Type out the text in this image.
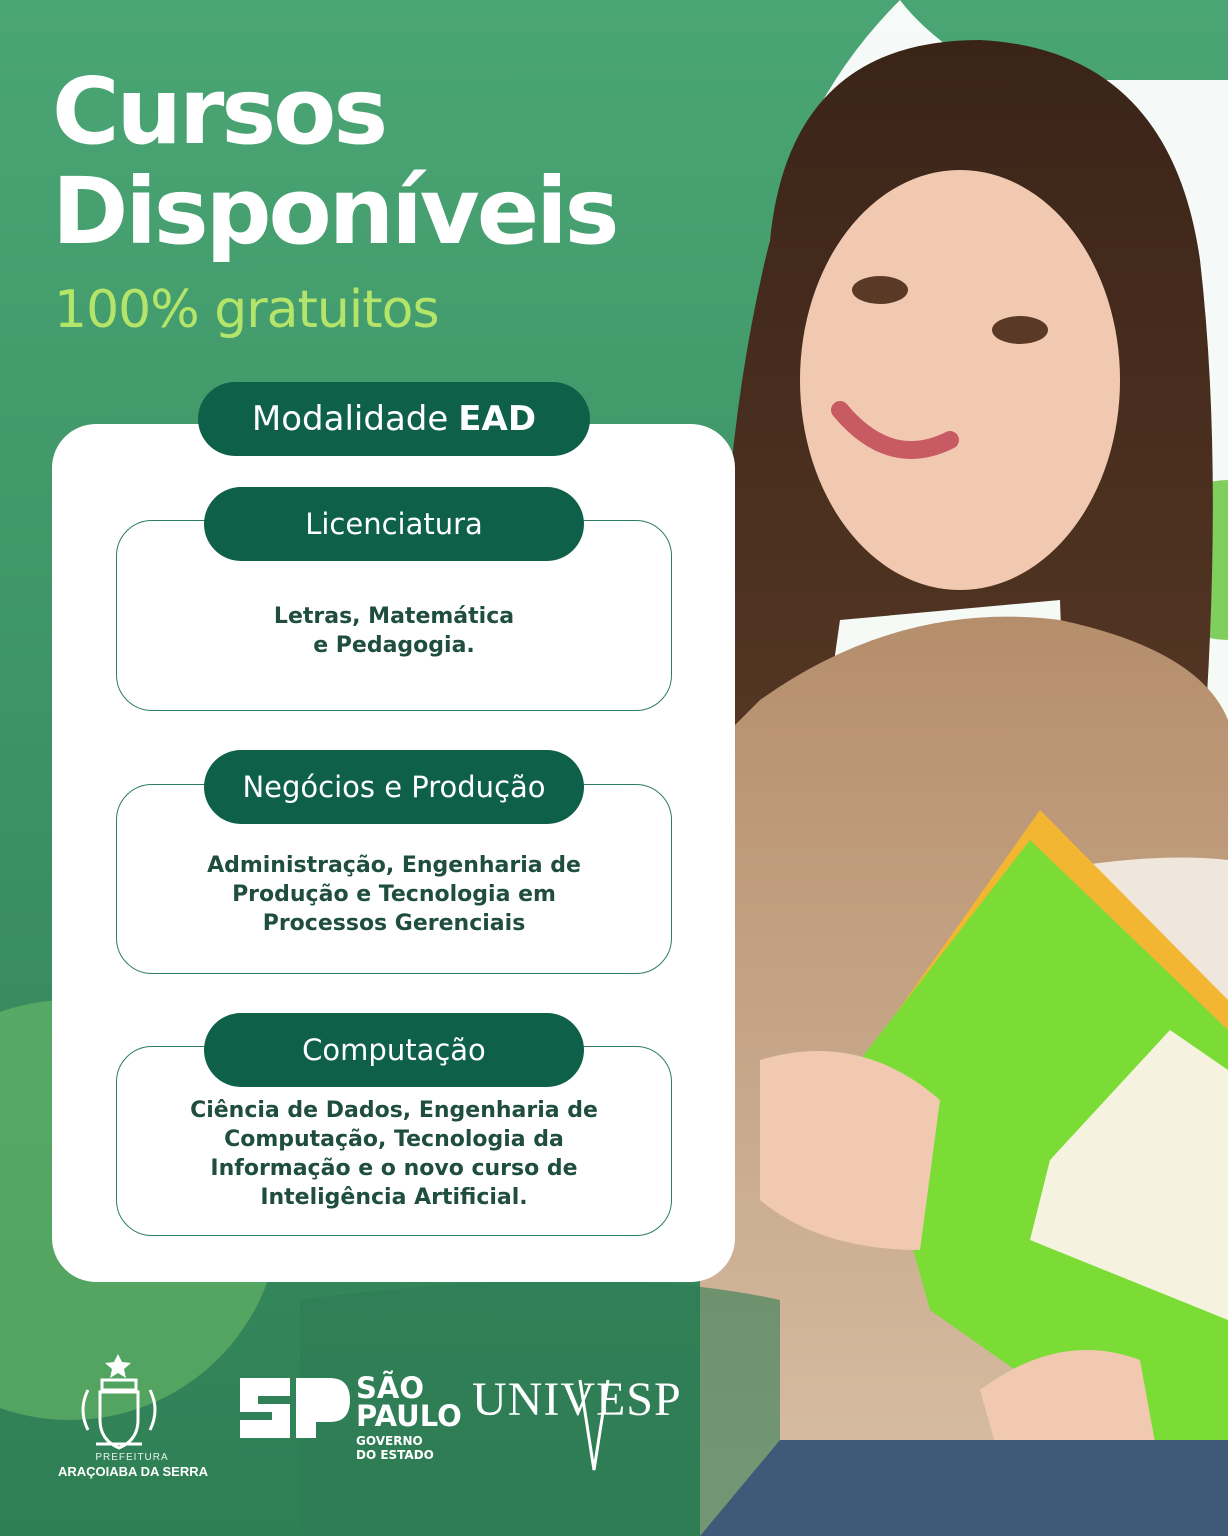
Cursos
Disponíveis
100% gratuitos
Modalidade EAD
Letras, Matemática
e Pedagogia.
Licenciatura
Administração, Engenharia de
Produção e Tecnologia em
Processos Gerenciais
Negócios e Produção
Ciência de Dados, Engenharia de
Computação, Tecnologia da
Informação e o novo curso de
Inteligência Artificial.
Computação
PREFEITURA
ARAÇOIABA DA SERRA
SÃO
PAULO
GOVERNO
DO ESTADO
UNIVESP
